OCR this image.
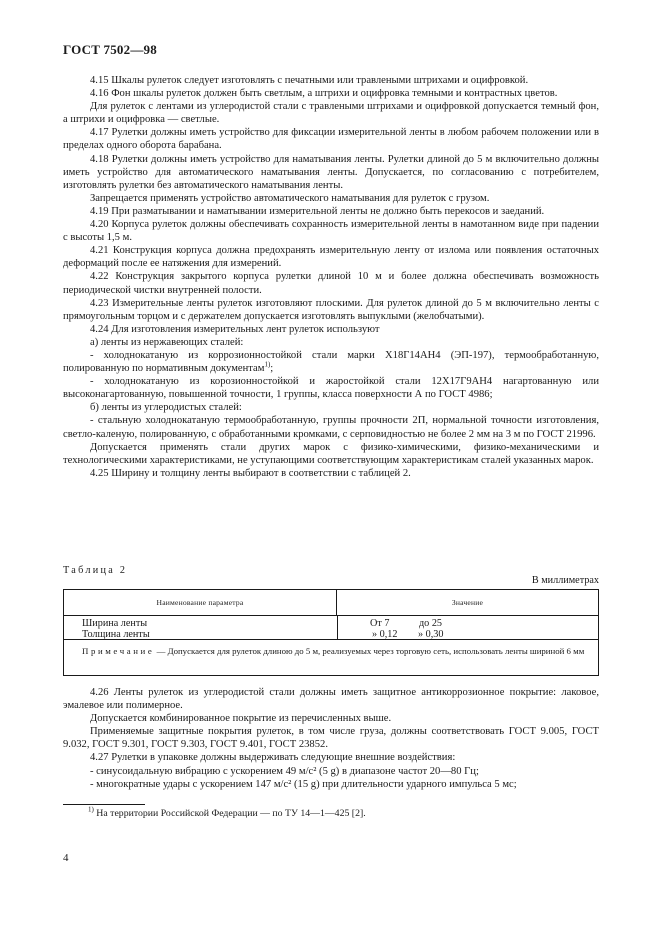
ГОСТ 7502—98

4.15 Шкалы рулеток следует изготовлять с печатными или травлеными штрихами и оцифровкой.

4.16 Фон шкалы рулеток должен быть светлым, а штрихи и оцифровка темными и контрастных цветов.

Для рулеток с лентами из углеродистой стали с травлеными штрихами и оцифровкой допускается темный фон, а штрихи и оцифровка — светлые.

4.17 Рулетки должны иметь устройство для фиксации измерительной ленты в любом рабочем положении или в пределах одного оборота барабана.

4.18 Рулетки должны иметь устройство для наматывания ленты. Рулетки длиной до 5 м включительно должны иметь устройство для автоматического наматывания ленты. Допускается, по согласованию с потребителем, изготовлять рулетки без автоматического наматывания ленты.

Запрещается применять устройство автоматического наматывания для рулеток с грузом.

4.19 При разматывании и наматывании измерительной ленты не должно быть перекосов и заеданий.

4.20 Корпуса рулеток должны обеспечивать сохранность измерительной ленты в намотанном виде при падении с высоты 1,5 м.

4.21 Конструкция корпуса должна предохранять измерительную ленту от излома или появления остаточных деформаций после ее натяжения для измерений.

4.22 Конструкция закрытого корпуса рулетки длиной 10 м и более должна обеспечивать возможность периодической чистки внутренней полости.

4.23 Измерительные ленты рулеток изготовляют плоскими. Для рулеток длиной до 5 м включительно ленты с прямоугольным торцом и с держателем допускается изготовлять выпуклыми (желобчатыми).

4.24 Для изготовления измерительных лент рулеток используют

а) ленты из нержавеющих сталей:

- холоднокатаную из коррозионностойкой стали марки Х18Г14АН4 (ЭП-197), термообработанную, полированную по нормативным документам$^{1)}$;

- холоднокатаную из корозионностойкой и жаростойкой стали 12Х17Г9АН4 нагартованную или высоконагартованную, повышенной точности, 1 группы, класса поверхности А по ГОСТ 4986;

б) ленты из углеродистых сталей:

- стальную холоднокатаную термообработанную, группы прочности 2П, нормальной точности изготовления, светло-каленую, полированную, с обработанными кромками, с серповидностью не более 2 мм на 3 м по ГОСТ 21996.

Допускается применять стали других марок с физико-химическими, физико-механическими и технологическими характеристиками, не уступающими соответствующим характеристикам сталей указанных марок.

4.25 Ширину и толщину ленты выбирают в соответствии с таблицей 2.

Таблица 2
В миллиметрах
Наименование параметра	Значение
Ширина ленты	От 7	до 25
Толщина ленты	» 0,12 » 0,30
Примечание — Допускается для рулеток длиною до 5 м, реализуемых через торговую сеть, использовать ленты шириной 6 мм

4.26 Ленты рулеток из углеродистой стали должны иметь защитное антикоррозионное покрытие: лаковое, эмалевое или полимерное.

Допускается комбинированное покрытие из перечисленных выше.

Применяемые защитные покрытия рулеток, в том числе груза, должны соответствовать ГОСТ 9.005, ГОСТ 9.032, ГОСТ 9.301, ГОСТ 9.303, ГОСТ 9.401, ГОСТ 23852.

4.27 Рулетки в упаковке должны выдерживать следующие внешние воздействия:

- синусоидальную вибрацию с ускорением 49 м/с² (5 g) в диапазоне частот 20—80 Гц;

- многократные удары с ускорением 147 м/с² (15 g) при длительности ударного импульса 5 мс;

$^{1)}$ На территории Российской Федерации — по ТУ 14—1—425 [2].
4
